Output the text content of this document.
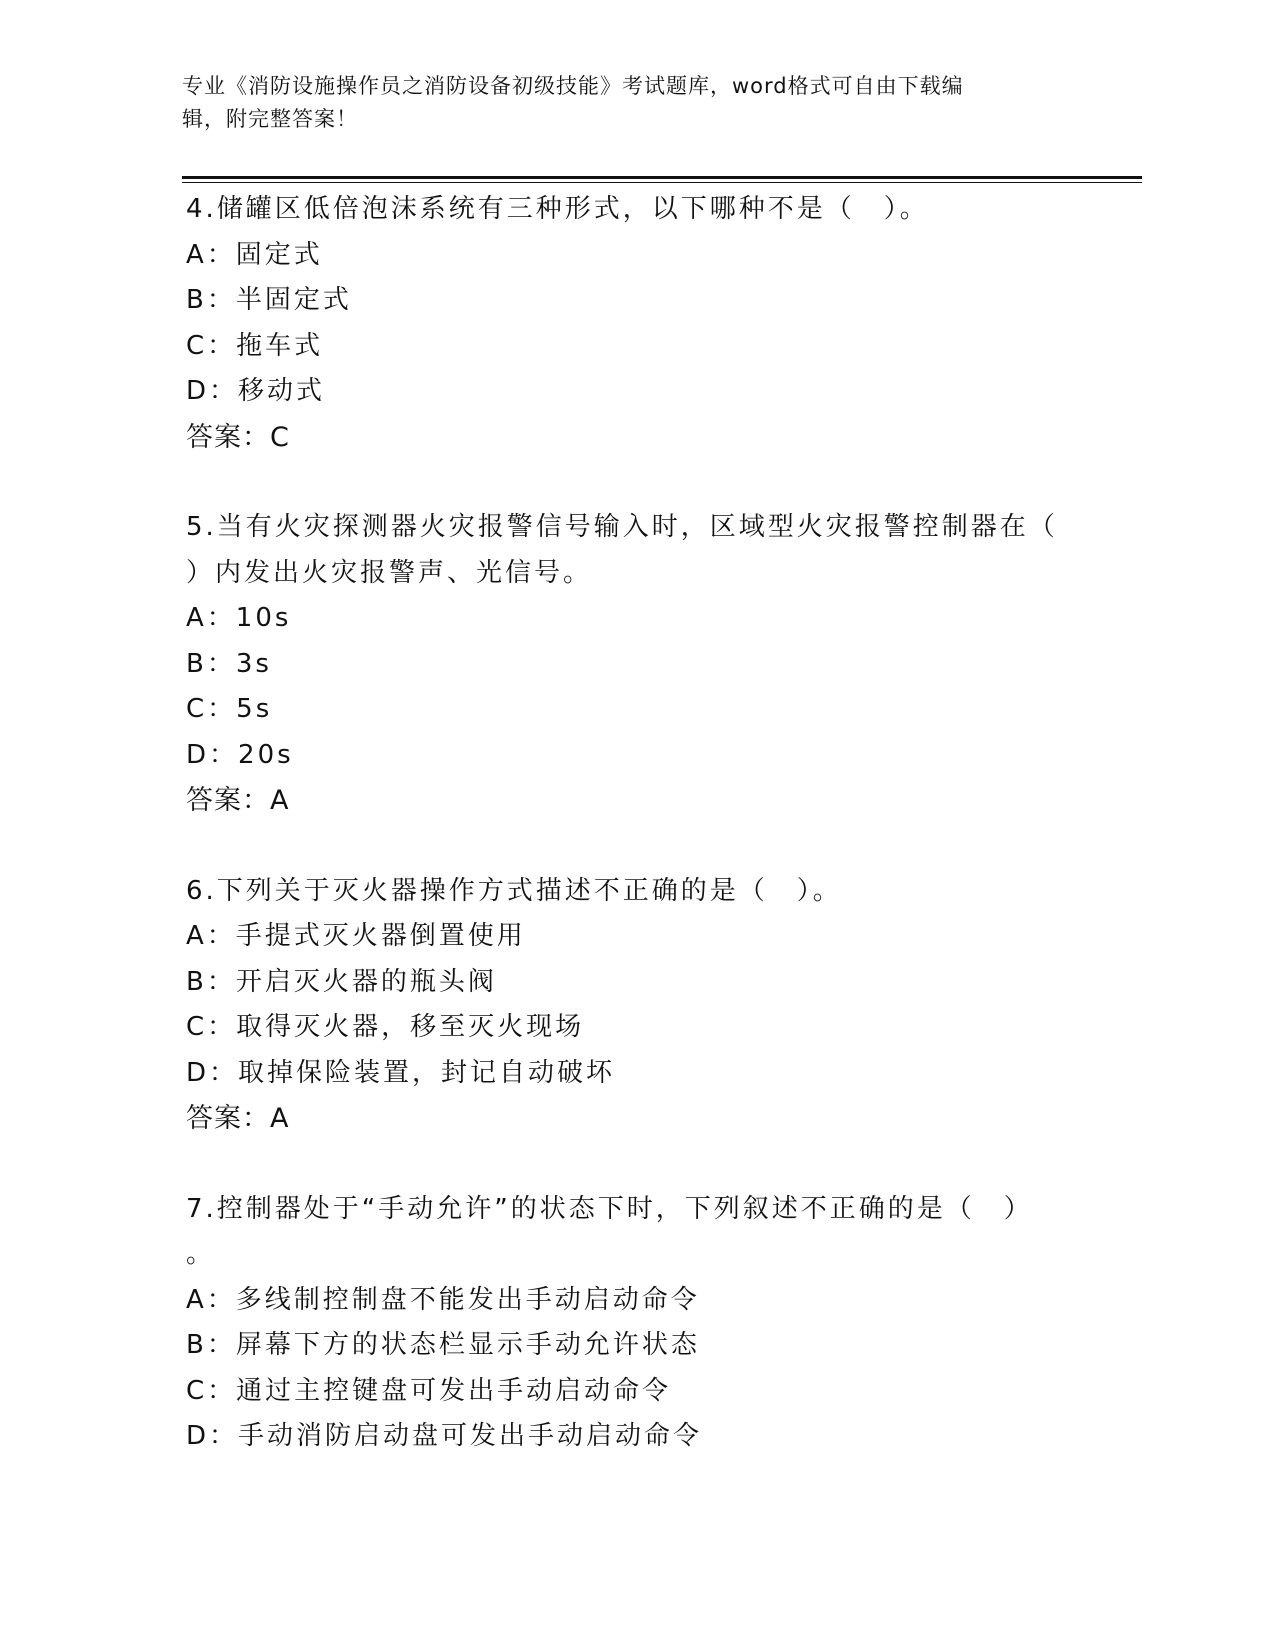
专业《消防设施操作员之消防设备初级技能》考试题库，word格式可自由下载编
辑，附完整答案！
4.储罐区低倍泡沫系统有三种形式，以下哪种不是（　）。
A：固定式
B：半固定式
C：拖车式
D：移动式
答案：C
5.当有火灾探测器火灾报警信号输入时，区域型火灾报警控制器在（
）内发出火灾报警声、光信号。
A：10s
B：3s
C：5s
D：20s
答案：A
6.下列关于灭火器操作方式描述不正确的是（　）。
A：手提式灭火器倒置使用
B：开启灭火器的瓶头阀
C：取得灭火器，移至灭火现场
D：取掉保险装置，封记自动破坏
答案：A
7.控制器处于“手动允许”的状态下时，下列叙述不正确的是（　）
。
A：多线制控制盘不能发出手动启动命令
B：屏幕下方的状态栏显示手动允许状态
C：通过主控键盘可发出手动启动命令
D：手动消防启动盘可发出手动启动命令
